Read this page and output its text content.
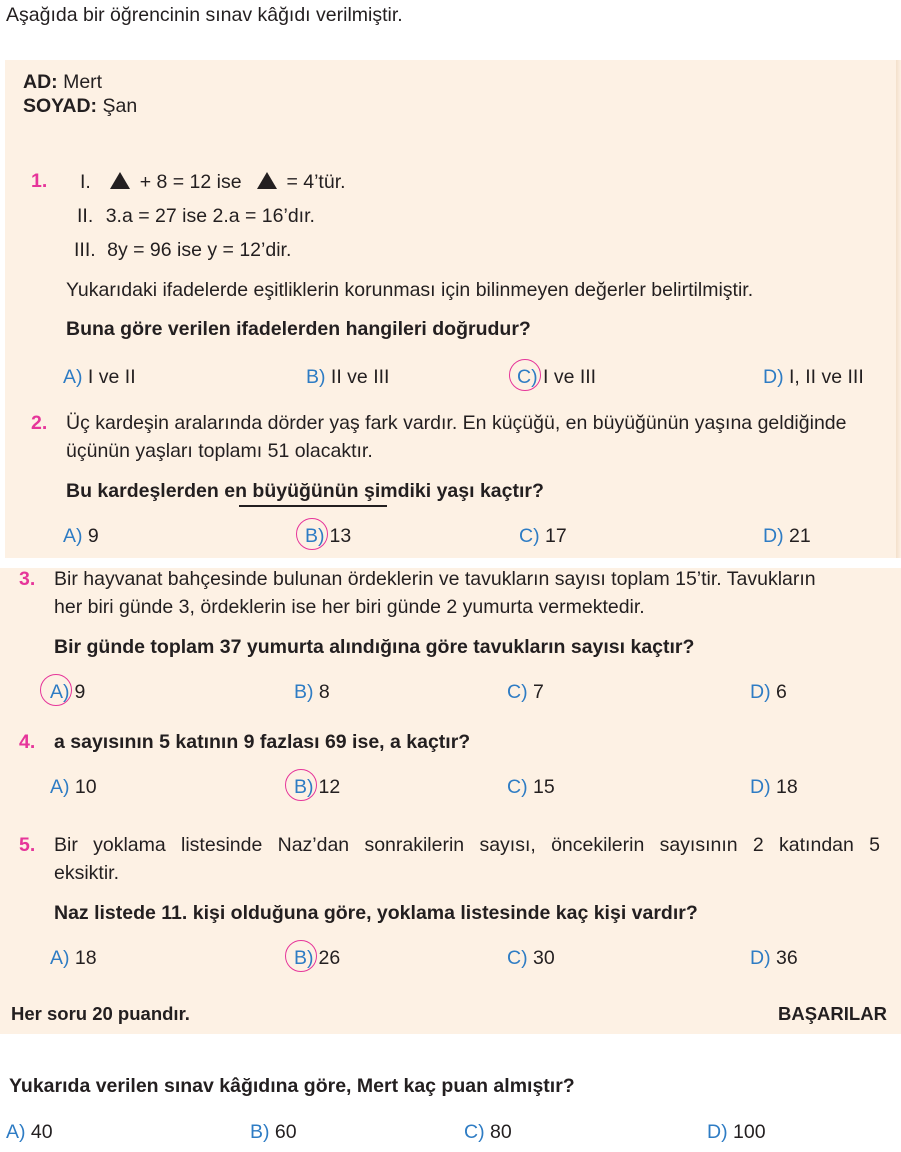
Aşağıda bir öğrencinin sınav kâğıdı verilmiştir.
AD: Mert
SOYAD: Şan
1. I.	+ 8 = 12 ise = 4’tür.
II. 3.a = 27 ise 2.a = 16’dır.
III. 8y = 96 ise y = 12’dir.
Yukarıdaki ifadelerde eşitliklerin korunması için bilinmeyen değerler belirtilmiştir.
Buna göre verilen ifadelerden hangileri doğrudur?
A) I ve II	B) II ve III	C) I ve III	D) I, II ve III
2. Üç kardeşin aralarında dörder yaş fark vardır. En küçüğü, en büyüğünün yaşına geldiğinde
üçünün yaşları toplamı 51 olacaktır.
Bu kardeşlerden en büyüğünün şimdiki yaşı kaçtır?
A) 9	B) 13	C) 17	D) 21
3. Bir hayvanat bahçesinde bulunan ördeklerin ve tavukların sayısı toplam 15’tir. Tavukların
her biri günde 3, ördeklerin ise her biri günde 2 yumurta vermektedir.
Bir günde toplam 37 yumurta alındığına göre tavukların sayısı kaçtır?
A) 9	B) 8	C) 7	D) 6
4. a sayısının 5 katının 9 fazlası 69 ise, a kaçtır?
A) 10	B) 12	C) 15	D) 18
5. Bir yoklama listesinde Naz’dan sonrakilerin sayısı, öncekilerin sayısının 2 katından 5
eksiktir.
Naz listede 11. kişi olduğuna göre, yoklama listesinde kaç kişi vardır?
A) 18	B) 26	C) 30	D) 36
Her soru 20 puandır.	BAŞARILAR
Yukarıda verilen sınav kâğıdına göre, Mert kaç puan almıştır?
A) 40	B) 60	C) 80	D) 100
